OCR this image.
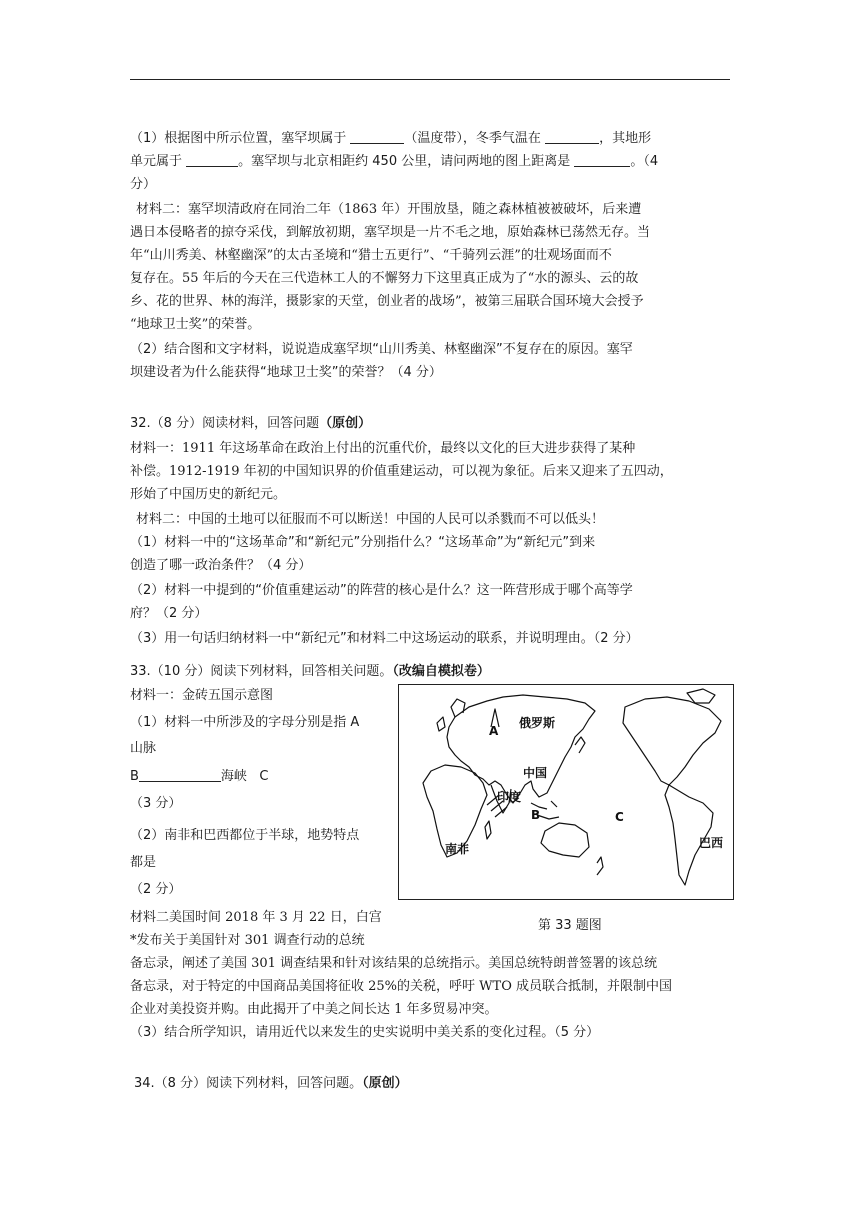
（1）根据图中所示位置，塞罕坝属于	（温度带），冬季气温在	，其地形
单元属于	。塞罕坝与北京相距约 450 公里，请问两地的图上距离是	。（4
分）
材料二：塞罕坝清政府在同治二年（1863 年）开围放垦，随之森林植被被破坏，后来遭
遇日本侵略者的掠夺采伐，到解放初期，塞罕坝是一片不毛之地，原始森林已荡然无存。当
年“山川秀美、林壑幽深”的太古圣境和“猎士五更行”、“千骑列云涯”的壮观场面而不
复存在。55 年后的今天在三代造林工人的不懈努力下这里真正成为了“水的源头、云的故
乡、花的世界、林的海洋，摄影家的天堂，创业者的战场”，被第三届联合国环境大会授予
“地球卫士奖”的荣誉。
（2）结合图和文字材料，说说造成塞罕坝“山川秀美、林壑幽深”不复存在的原因。塞罕
坝建设者为什么能获得“地球卫士奖”的荣誉？（4 分）
32.（8 分）阅读材料，回答问题（原创）
材料一：1911 年这场革命在政治上付出的沉重代价，最终以文化的巨大进步获得了某种
补偿。1912-1919 年初的中国知识界的价值重建运动，可以视为象征。后来又迎来了五四动，
形始了中国历史的新纪元。
材料二：中国的土地可以征服而不可以断送！中国的人民可以杀戮而不可以低头！
（1）材料一中的“这场革命”和“新纪元”分别指什么？“这场革命”为“新纪元”到来
创造了哪一政治条件？（4 分）
（2）材料一中提到的“价值重建运动”的阵营的核心是什么？这一阵营形成于哪个高等学
府？（2 分）
（3）用一句话归纳材料一中“新纪元”和材料二中这场运动的联系，并说明理由。（2 分）
33.（10 分）阅读下列材料，回答相关问题。（改编自模拟卷）
材料一：金砖五国示意图
（1）材料一中所涉及的字母分别是指 A
山脉
B	海峡 C
（3 分）
（2）南非和巴西都位于半球，地势特点
都是
（2 分）
材料二美国时间 2018 年 3 月 22 日，白宫
*发布关于美国针对 301 调查行动的总统
备忘录，阐述了美国 301 调查结果和针对该结果的总统指示。美国总统特朗普签署的该总统
备忘录，对于特定的中国商品美国将征收 25%的关税，呼吁 WTO 成员联合抵制，并限制中国
企业对美投资并购。由此揭开了中美之间长达 1 年多贸易冲突。
（3）结合所学知识，请用近代以来发生的史实说明中美关系的变化过程。（5 分）
俄罗斯
中国
印度
南非	巴西
A
B	C
第 33 题图
34.（8 分）阅读下列材料，回答问题。（原创）
